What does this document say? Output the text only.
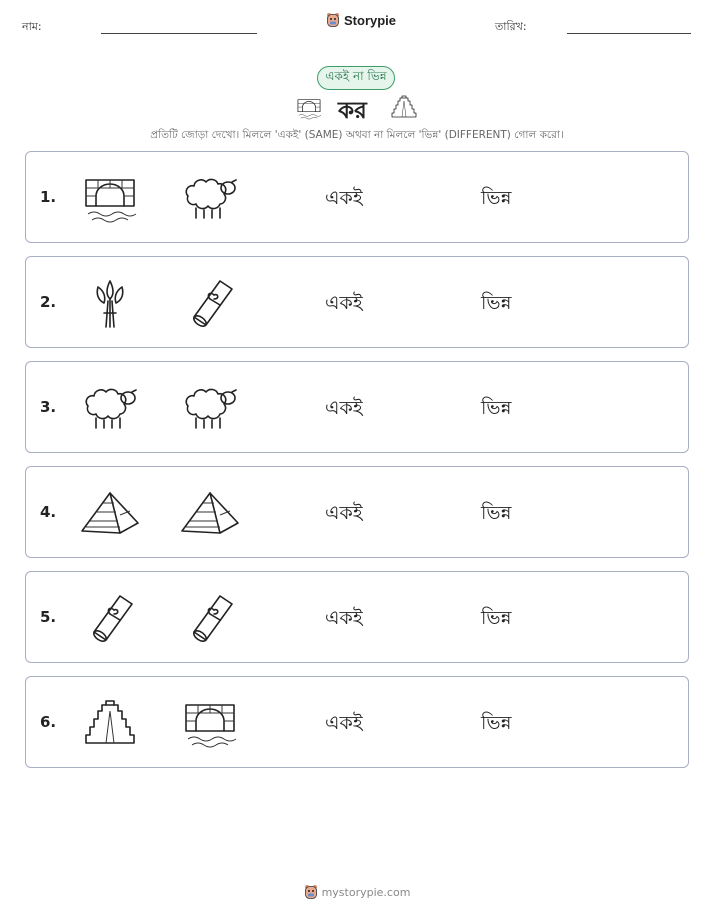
নাম:	Storypie	তারিখ:
একই না ভিন্ন
কর
প্রতিটি জোড়া দেখো। মিললে 'একই' (SAME) অথবা না মিললে 'ভিন্ন' (DIFFERENT) গোল করো।
1.	একই	ভিন্ন
2.	একই	ভিন্ন
3.	একই	ভিন্ন
4.	একই	ভিন্ন
5.	একই	ভিন্ন
6.	একই	ভিন্ন
mystorypie.com
